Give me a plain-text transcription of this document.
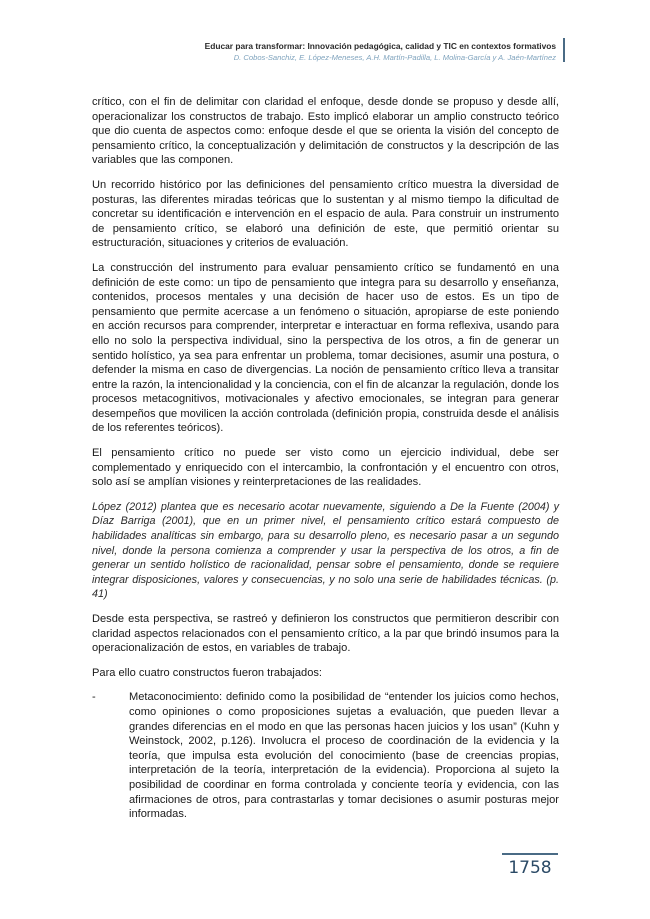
Educar para transformar: Innovación pedagógica, calidad y TIC en contextos formativos
D. Cobos-Sanchiz, E. López-Meneses, A.H. Martín-Padilla, L. Molina-García y A. Jaén-Martínez

crítico, con el fin de delimitar con claridad el enfoque, desde donde se propuso y desde allí, operacionalizar los constructos de trabajo. Esto implicó elaborar un amplio constructo teórico que dio cuenta de aspectos como: enfoque desde el que se orienta la visión del concepto de pensamiento crítico, la conceptualización y delimitación de constructos y la descripción de las variables que las componen.

Un recorrido histórico por las definiciones del pensamiento crítico muestra la diversidad de posturas, las diferentes miradas teóricas que lo sustentan y al mismo tiempo la dificultad de concretar su identificación e intervención en el espacio de aula. Para construir un instrumento de pensamiento crítico, se elaboró una definición de este, que permitió orientar su estructuración, situaciones y criterios de evaluación.

La construcción del instrumento para evaluar pensamiento crítico se fundamentó en una definición de este como: un tipo de pensamiento que integra para su desarrollo y enseñanza, contenidos, procesos mentales y una decisión de hacer uso de estos. Es un tipo de pensamiento que permite acercase a un fenómeno o situación, apropiarse de este poniendo en acción recursos para comprender, interpretar e interactuar en forma reflexiva, usando para ello no solo la perspectiva individual, sino la perspectiva de los otros, a fin de generar un sentido holístico, ya sea para enfrentar un problema, tomar decisiones, asumir una postura, o defender la misma en caso de divergencias. La noción de pensamiento crítico lleva a transitar entre la razón, la intencionalidad y la conciencia, con el fin de alcanzar la regulación, donde los procesos metacognitivos, motivacionales y afectivo emocionales, se integran para generar desempeños que movilicen la acción controlada (definición propia, construida desde el análisis de los referentes teóricos).

El pensamiento crítico no puede ser visto como un ejercicio individual, debe ser complementado y enriquecido con el intercambio, la confrontación y el encuentro con otros, solo así se amplían visiones y reinterpretaciones de las realidades.

López (2012) plantea que es necesario acotar nuevamente, siguiendo a De la Fuente (2004) y Díaz Barriga (2001), que en un primer nivel, el pensamiento crítico estará compuesto de habilidades analíticas sin embargo, para su desarrollo pleno, es necesario pasar a un segundo nivel, donde la persona comienza a comprender y usar la perspectiva de los otros, a fin de generar un sentido holístico de racionalidad, pensar sobre el pensamiento, donde se requiere integrar disposiciones, valores y consecuencias, y no solo una serie de habilidades técnicas. (p. 41)

Desde esta perspectiva, se rastreó y definieron los constructos que permitieron describir con claridad aspectos relacionados con el pensamiento crítico, a la par que brindó insumos para la operacionalización de estos, en variables de trabajo.

Para ello cuatro constructos fueron trabajados:

-	Metaconocimiento: definido como la posibilidad de “entender los juicios como hechos, como opiniones o como proposiciones sujetas a evaluación, que pueden llevar a grandes diferencias en el modo en que las personas hacen juicios y los usan” (Kuhn y Weinstock, 2002, p.126). Involucra el proceso de coordinación de la evidencia y la teoría, que impulsa esta evolución del conocimiento (base de creencias propias, interpretación de la teoría, interpretación de la evidencia). Proporciona al sujeto la posibilidad de coordinar en forma controlada y conciente teoría y evidencia, con las afirmaciones de otros, para contrastarlas y tomar decisiones o asumir posturas mejor informadas.

1758
